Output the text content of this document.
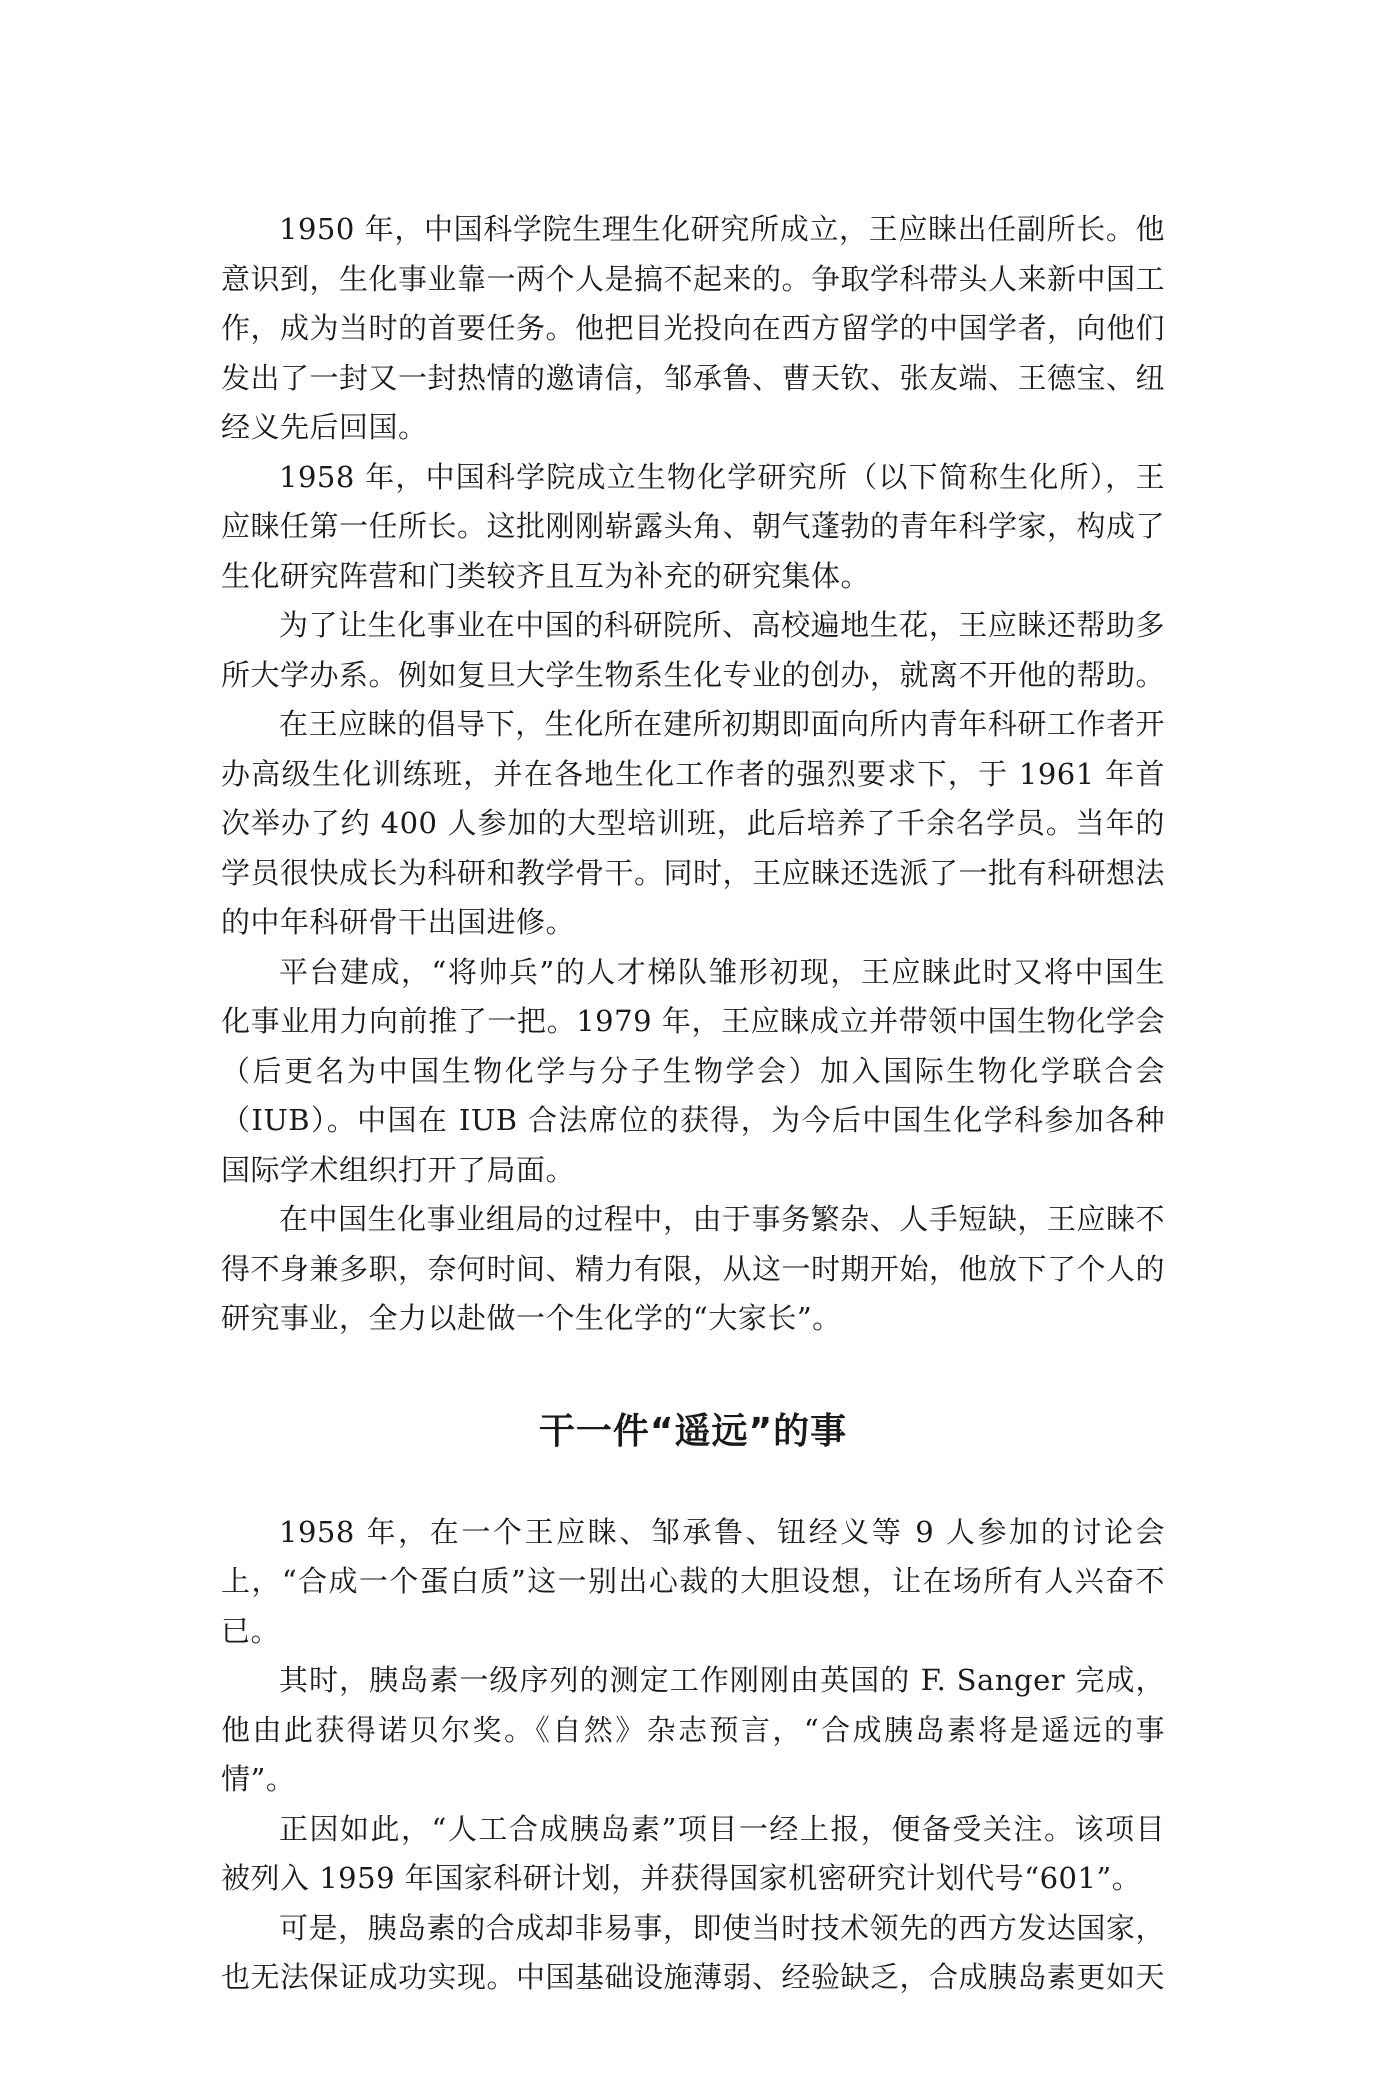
1950 年，中国科学院生理生化研究所成立，王应睐出任副所长。他意识到，生化事业靠一两个人是搞不起来的。争取学科带头人来新中国工作，成为当时的首要任务。他把目光投向在西方留学的中国学者，向他们发出了一封又一封热情的邀请信，邹承鲁、曹天钦、张友端、王德宝、纽经义先后回国。

1958 年，中国科学院成立生物化学研究所（以下简称生化所），王应睐任第一任所长。这批刚刚崭露头角、朝气蓬勃的青年科学家，构成了生化研究阵营和门类较齐且互为补充的研究集体。

为了让生化事业在中国的科研院所、高校遍地生花，王应睐还帮助多所大学办系。例如复旦大学生物系生化专业的创办，就离不开他的帮助。

在王应睐的倡导下，生化所在建所初期即面向所内青年科研工作者开办高级生化训练班，并在各地生化工作者的强烈要求下，于 1961 年首次举办了约 400 人参加的大型培训班，此后培养了千余名学员。当年的学员很快成长为科研和教学骨干。同时，王应睐还选派了一批有科研想法的中年科研骨干出国进修。

平台建成，“将帅兵”的人才梯队雏形初现，王应睐此时又将中国生化事业用力向前推了一把。1979 年，王应睐成立并带领中国生物化学会（后更名为中国生物化学与分子生物学会）加入国际生物化学联合会（IUB）。中国在 IUB 合法席位的获得，为今后中国生化学科参加各种国际学术组织打开了局面。

在中国生化事业组局的过程中，由于事务繁杂、人手短缺，王应睐不得不身兼多职，奈何时间、精力有限，从这一时期开始，他放下了个人的研究事业，全力以赴做一个生化学的“大家长”。

干一件“遥远”的事

1958 年，在一个王应睐、邹承鲁、钮经义等 9 人参加的讨论会上，“合成一个蛋白质”这一别出心裁的大胆设想，让在场所有人兴奋不已。

其时，胰岛素一级序列的测定工作刚刚由英国的 F. Sanger 完成，他由此获得诺贝尔奖。《自然》杂志预言，“合成胰岛素将是遥远的事情”。

正因如此，“人工合成胰岛素”项目一经上报，便备受关注。该项目被列入 1959 年国家科研计划，并获得国家机密研究计划代号“601”。

可是，胰岛素的合成却非易事，即使当时技术领先的西方发达国家，也无法保证成功实现。中国基础设施薄弱、经验缺乏，合成胰岛素更如天
